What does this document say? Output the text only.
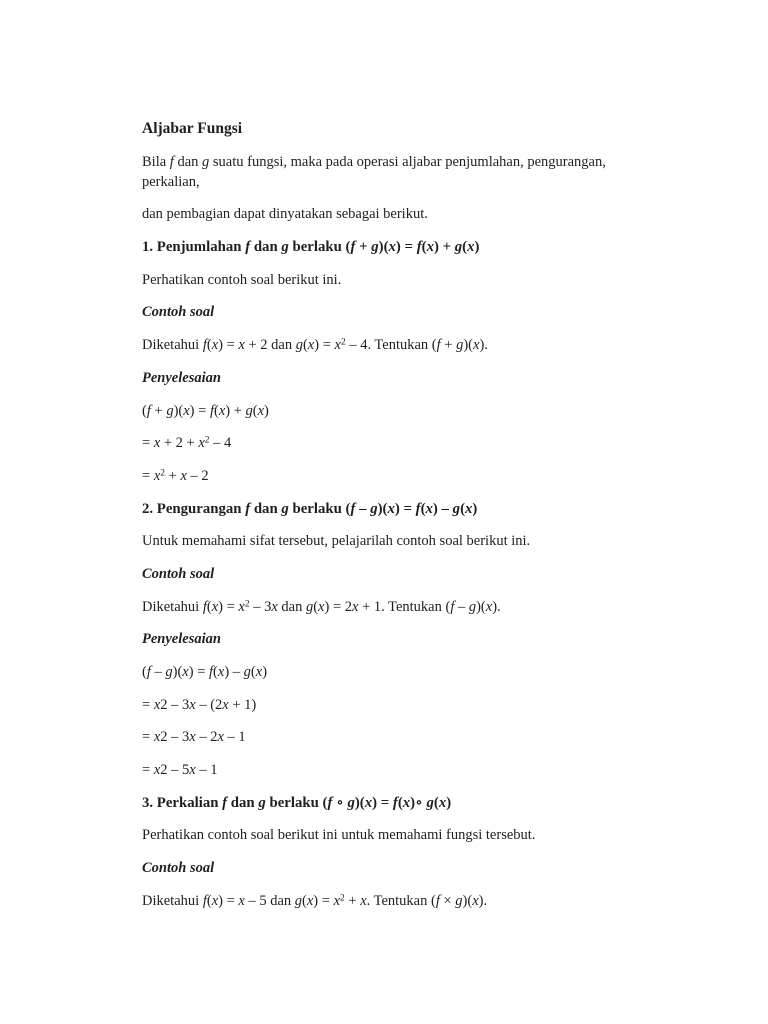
Aljabar Fungsi

Bila f dan g suatu fungsi, maka pada operasi aljabar penjumlahan, pengurangan, perkalian,

dan pembagian dapat dinyatakan sebagai berikut.

1. Penjumlahan f dan g berlaku (f + g)(x) = f(x) + g(x)

Perhatikan contoh soal berikut ini.

Contoh soal

Diketahui f(x) = x + 2 dan $g(x) = x^2 - 4$. Tentukan (f + g)(x).

Penyelesaian

(f + g)(x) = f(x) + g(x)

= $x + 2 + x^2 - 4$

= $x^2 + x - 2$

2. Pengurangan f dan g berlaku (f – g)(x) = f(x) – g(x)

Untuk memahami sifat tersebut, pelajarilah contoh soal berikut ini.

Contoh soal

Diketahui $f(x) = x^2 - 3x$ dan g(x) = 2x + 1. Tentukan (f – g)(x).

Penyelesaian

(f – g)(x) = f(x) – g(x)

= x2 – 3x – (2x + 1)

= x2 – 3x – 2x – 1

= x2 – 5x – 1

3. Perkalian f dan g berlaku (f ∘ g)(x) = f(x)∘ g(x)

Perhatikan contoh soal berikut ini untuk memahami fungsi tersebut.

Contoh soal

Diketahui f(x) = x – 5 dan $g(x) = x^2 + x$. Tentukan (f × g)(x).
